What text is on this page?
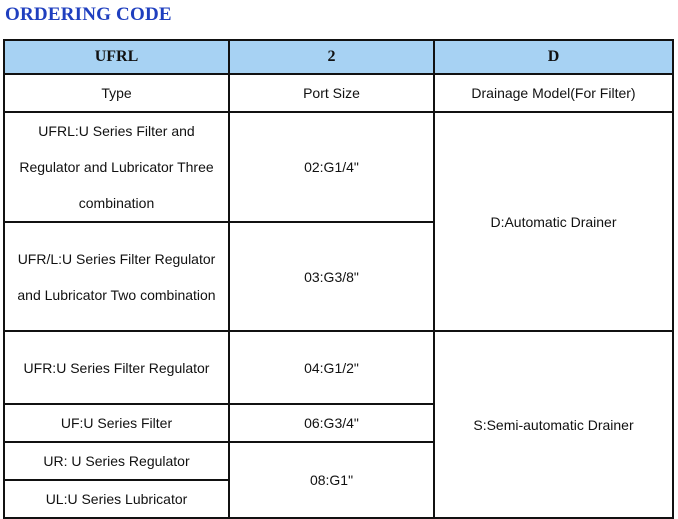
ORDERING CODE
UFRL	2	D
Type	Port Size	Drainage Model(For Filter)
UFRL:U Series Filter and Regulator and Lubricator Three combination	02:G1/4"	D:Automatic Drainer
UFR/L:U Series Filter Regulator and Lubricator Two combination	03:G3/8"	
UFR:U Series Filter Regulator	04:G1/2"	S:Semi-automatic Drainer
UF:U Series Filter	06:G3/4"	
UR: U Series Regulator	08:G1"	
UL:U Series Lubricator		
